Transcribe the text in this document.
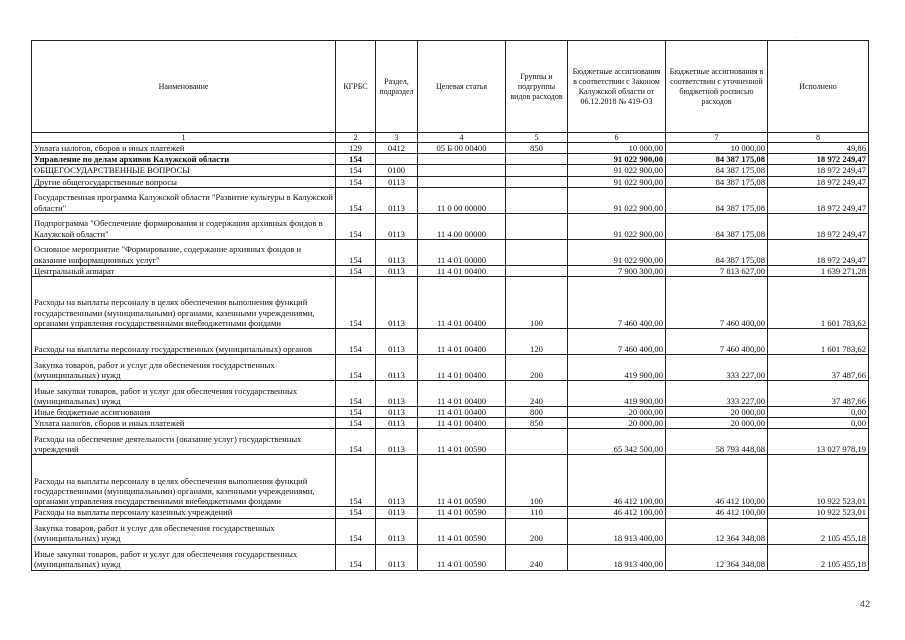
Наименование	КГРБС	Раздел, подраздел	Целевая статья	Группы и подгруппы видов расходов	Бюджетные ассигнования в соответствии с Законом Калужской области от 06.12.2018 № 419-ОЗ	Бюджетные ассигнования в соответствии с уточненной бюджетной росписью расходов	Исполнено
1	2	3	4	5	6	7	8
Уплата налогов, сборов и иных платежей	129	0412	05 Б 00 00400	850	10 000,00	10 000,00	49,86
Управление по делам архивов Калужской области	154				91 022 900,00	84 387 175,08	18 972 249,47
ОБЩЕГОСУДАРСТВЕННЫЕ ВОПРОСЫ	154	0100			91 022 900,00	84 387 175,08	18 972 249,47
Другие общегосударственные вопросы	154	0113			91 022 900,00	84 387 175,08	18 972 249,47
Государственная программа Калужской области "Развитие культуры в Калужской области"	154	0113	11 0 00 00000		91 022 900,00	84 387 175,08	18 972 249,47
Подпрограмма "Обеспечение формирования и содержания архивных фондов в Калужской области"	154	0113	11 4 00 00000		91 022 900,00	84 387 175,08	18 972 249,47
Основное мероприятие "Формирование, содержание архивных фондов и оказание информационных услуг"	154	0113	11 4 01 00000		91 022 900,00	84 387 175,08	18 972 249,47
Центральный аппарат	154	0113	11 4 01 00400		7 900 300,00	7 813 627,00	1 639 271,28
Расходы на выплаты персоналу в целях обеспечения выполнения функций государственными (муниципальными) органами, казенными учреждениями, органами управления государственными внебюджетными фондами	154	0113	11 4 01 00400	100	7 460 400,00	7 460 400,00	1 601 783,62
Расходы на выплаты персоналу государственных (муниципальных) органов	154	0113	11 4 01 00400	120	7 460 400,00	7 460 400,00	1 601 783,62
Закупка товаров, работ и услуг для обеспечения государственных (муниципальных) нужд	154	0113	11 4 01 00400	200	419 900,00	333 227,00	37 487,66
Иные закупки товаров, работ и услуг для обеспечения государственных (муниципальных) нужд	154	0113	11 4 01 00400	240	419 900,00	333 227,00	37 487,66
Иные бюджетные ассигнования	154	0113	11 4 01 00400	800	20 000,00	20 000,00	0,00
Уплата налогов, сборов и иных платежей	154	0113	11 4 01 00400	850	20 000,00	20 000,00	0,00
Расходы на обеспечение деятельности (оказание услуг) государственных учреждений	154	0113	11 4 01 00590		65 342 500,00	58 793 448,08	13 027 978,19
Расходы на выплаты персоналу в целях обеспечения выполнения функций государственными (муниципальными) органами, казенными учреждениями, органами управления государственными внебюджетными фондами	154	0113	11 4 01 00590	100	46 412 100,00	46 412 100,00	10 922 523,01
Расходы на выплаты персоналу казенных учреждений	154	0113	11 4 01 00590	110	46 412 100,00	46 412 100,00	10 922 523,01
Закупка товаров, работ и услуг для обеспечения государственных (муниципальных) нужд	154	0113	11 4 01 00590	200	18 913 400,00	12 364 348,08	2 105 455,18
Иные закупки товаров, работ и услуг для обеспечения государственных (муниципальных) нужд	154	0113	11 4 01 00590	240	18 913 400,00	12 364 348,08	2 105 455,18
·
42
